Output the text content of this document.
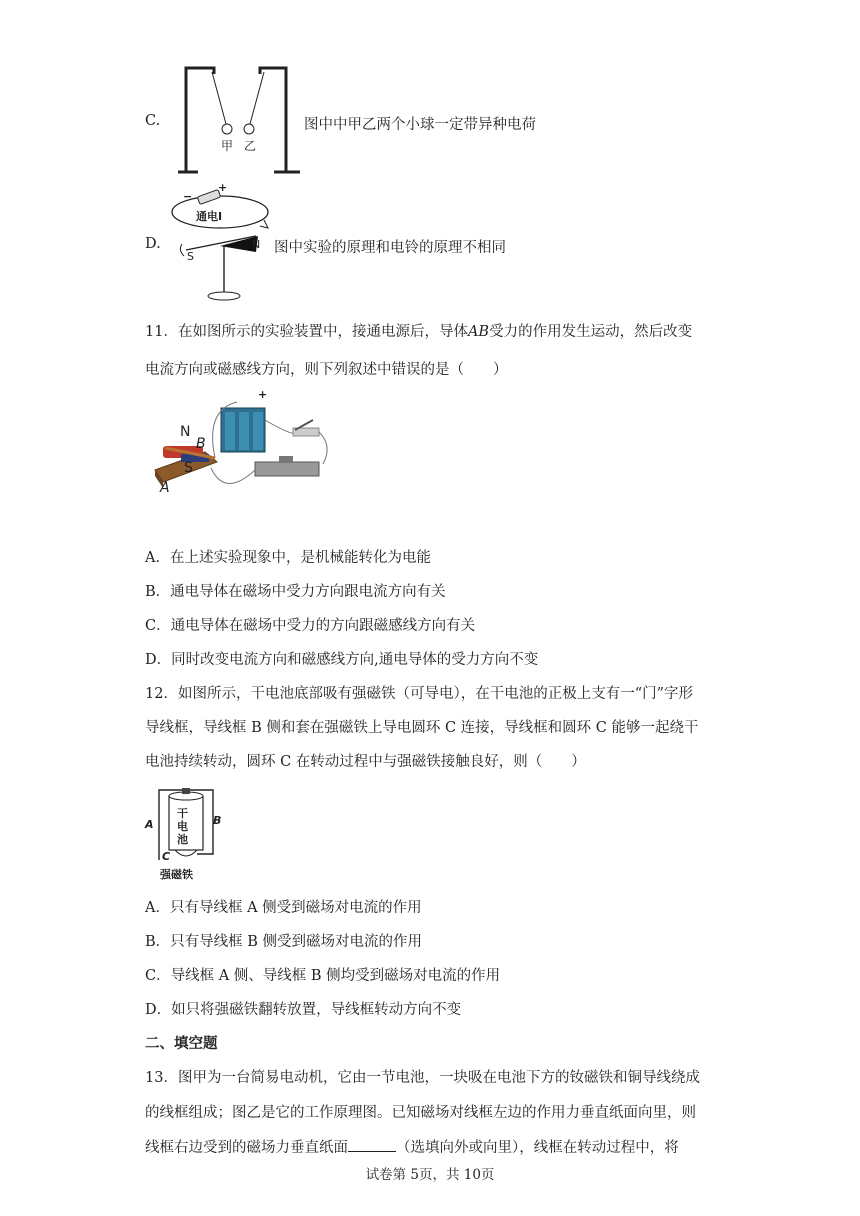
C.
甲 乙
图中中甲乙两个小球一定带异种电荷
D.
−
+
通电I
S
N 图中实验的原理和电铃的原理不相同
11．在如图所示的实验装置中，接通电源后，导体AB受力的作用发生运动，然后改变
电流方向或磁感线方向，则下列叙述中错误的是（　　）
N
B
S
A
+
A．在上述实验现象中，是机械能转化为电能
B．通电导体在磁场中受力方向跟电流方向有关
C．通电导体在磁场中受力的方向跟磁感线方向有关
D．同时改变电流方向和磁感线方向,通电导体的受力方向不变
12．如图所示，干电池底部吸有强磁铁（可导电），在干电池的正极上支有一“门”字形
导线框，导线框 B 侧和套在强磁铁上导电圆环 C 连接，导线框和圆环 C 能够一起绕干
电池持续转动，圆环 C 在转动过程中与强磁铁接触良好，则（　　）
A	B
C
干
电
池
强磁铁
A．只有导线框 A 侧受到磁场对电流的作用
B．只有导线框 B 侧受到磁场对电流的作用
C．导线框 A 侧、导线框 B 侧均受到磁场对电流的作用
D．如只将强磁铁翻转放置，导线框转动方向不变
二、填空题
13．图甲为一台简易电动机，它由一节电池，一块吸在电池下方的钕磁铁和铜导线绕成
的线框组成；图乙是它的工作原理图。已知磁场对线框左边的作用力垂直纸面向里，则
线框右边受到的磁场力垂直纸面	（选填向外或向里），线框在转动过程中，将
试卷第 5页，共 10页
